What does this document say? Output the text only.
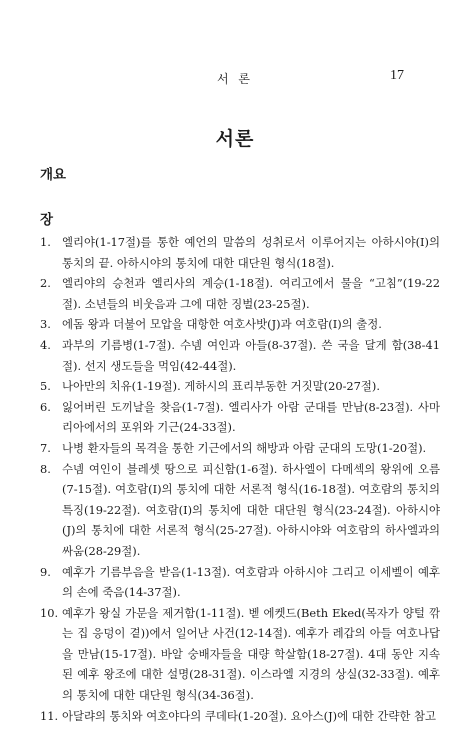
서 론	17
서론
개요
장
1. 엘리야(1-17절)를 통한 예언의 말씀의 성취로서 이루어지는 아하시야(I)의 통치의 끝. 아하시야의 통치에 대한 대단원 형식(18절).
2. 엘리야의 승천과 엘리사의 계승(1-18절). 여리고에서 물을 “고침”(19-22절). 소년들의 비웃음과 그에 대한 징벌(23-25절).
3. 에돔 왕과 더불어 모압을 대항한 여호사밧(J)과 여호람(I)의 출정.
4. 과부의 기름병(1-7절). 수넴 여인과 아들(8-37절). 쓴 국을 달게 함(38-41절). 선지 생도들을 먹임(42-44절).
5. 나아만의 치유(1-19절). 게하시의 표리부동한 거짓말(20-27절).
6. 잃어버린 도끼날을 찾음(1-7절). 엘리사가 아람 군대를 만남(8-23절). 사마리아에서의 포위와 기근(24-33절).
7. 나병 환자들의 목격을 통한 기근에서의 해방과 아람 군대의 도망(1-20절).
8. 수넴 여인이 블레셋 땅으로 피신함(1-6절). 하사엘이 다메섹의 왕위에 오름(7-15절). 여호람(I)의 통치에 대한 서론적 형식(16-18절). 여호람의 통치의 특징(19-22절). 여호람(I)의 통치에 대한 대단원 형식(23-24절). 아하시야(J)의 통치에 대한 서론적 형식(25-27절). 아하시야와 여호람의 하사엘과의 싸움(28-29절).
9. 예후가 기름부음을 받음(1-13절). 여호람과 아하시야 그리고 이세벨이 예후의 손에 죽음(14-37절).
10. 예후가 왕실 가문을 제거함(1-11절). 벧 에켓드(Beth Eked(목자가 양털 깎는 집 응덩이 곁))에서 일어난 사건(12-14절). 예후가 레갑의 아들 여호나답을 만남(15-17절). 바알 숭배자들을 대량 학살함(18-27절). 4대 동안 지속된 예후 왕조에 대한 설명(28-31절). 이스라엘 지경의 상실(32-33절). 예후의 통치에 대한 대단원 형식(34-36절).
11. 아달랴의 통치와 여호야다의 쿠데타(1-20절). 요아스(J)에 대한 간략한 참고
